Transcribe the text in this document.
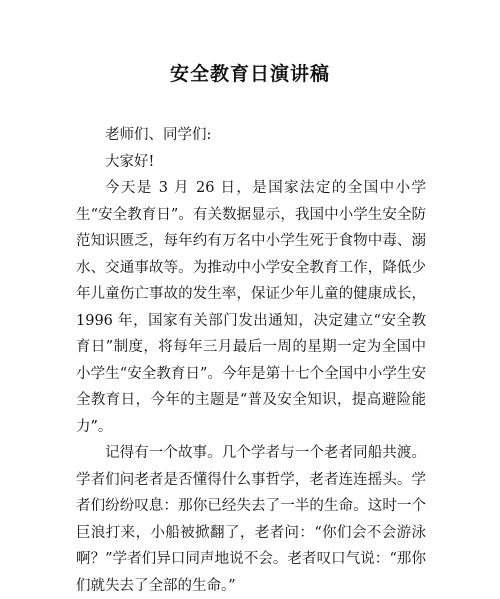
安全教育日演讲稿

老师们、同学们:

大家好!

今天是 3 月 26 日，是国家法定的全国中小学生“安全教育日”。有关数据显示，我国中小学生安全防范知识匮乏，每年约有万名中小学生死于食物中毒、溺水、交通事故等。为推动中小学安全教育工作，降低少年儿童伤亡事故的发生率，保证少年儿童的健康成长，1996 年，国家有关部门发出通知，决定建立“安全教育日”制度，将每年三月最后一周的星期一定为全国中小学生“安全教育日”。今年是第十七个全国中小学生安全教育日，今年的主题是“普及安全知识，提高避险能力”。

记得有一个故事。几个学者与一个老者同船共渡。学者们问老者是否懂得什么事哲学，老者连连摇头。学者们纷纷叹息：那你已经失去了一半的生命。这时一个巨浪打来，小船被掀翻了，老者问：“你们会不会游泳啊？”学者们异口同声地说不会。老者叹口气说：“那你们就失去了全部的生命。”
